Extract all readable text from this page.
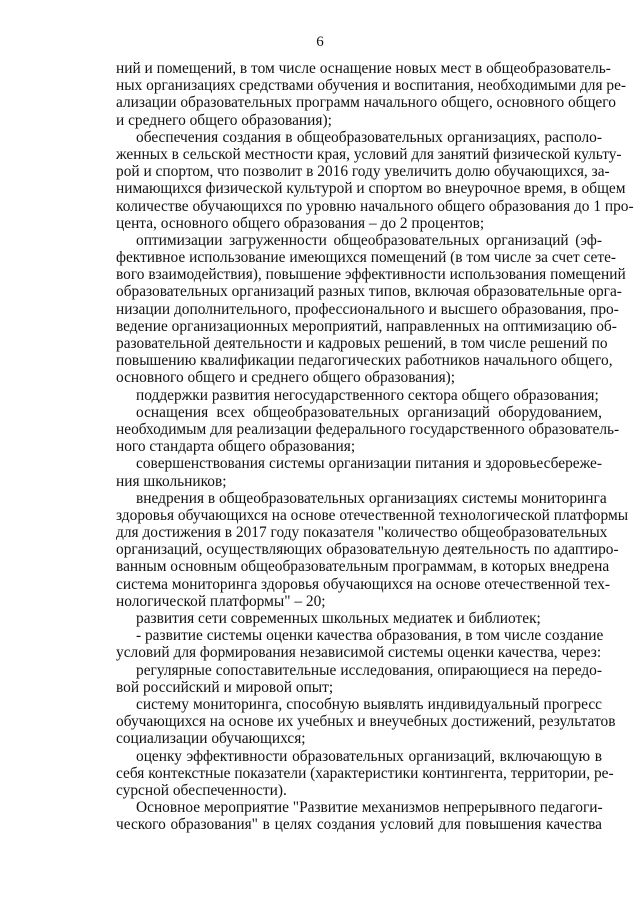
6
ний и помещений, в том числе оснащение новых мест в общеобразователь-
ных организациях средствами обучения и воспитания, необходимыми для ре-
ализации образовательных программ начального общего, основного общего
и среднего общего образования);
обеспечения создания в общеобразовательных организациях, располо-
женных в сельской местности края, условий для занятий физической культу-
рой и спортом, что позволит в 2016 году увеличить долю обучающихся, за-
нимающихся физической культурой и спортом во внеурочное время, в общем
количестве обучающихся по уровню начального общего образования до 1 про-
цента, основного общего образования – до 2 процентов;
оптимизации загруженности общеобразовательных организаций (эф-
фективное использование имеющихся помещений (в том числе за счет сете-
вого взаимодействия), повышение эффективности использования помещений
образовательных организаций разных типов, включая образовательные орга-
низации дополнительного, профессионального и высшего образования, про-
ведение организационных мероприятий, направленных на оптимизацию об-
разовательной деятельности и кадровых решений, в том числе решений по
повышению квалификации педагогических работников начального общего,
основного общего и среднего общего образования);
поддержки развития негосударственного сектора общего образования;
оснащения всех общеобразовательных организаций оборудованием,
необходимым для реализации федерального государственного образователь-
ного стандарта общего образования;
совершенствования системы организации питания и здоровьесбереже-
ния школьников;
внедрения в общеобразовательных организациях системы мониторинга
здоровья обучающихся на основе отечественной технологической платформы
для достижения в 2017 году показателя "количество общеобразовательных
организаций, осуществляющих образовательную деятельность по адаптиро-
ванным основным общеобразовательным программам, в которых внедрена
система мониторинга здоровья обучающихся на основе отечественной тех-
нологической платформы" – 20;
развития сети современных школьных медиатек и библиотек;
- развитие системы оценки качества образования, в том числе создание
условий для формирования независимой системы оценки качества, через:
регулярные сопоставительные исследования, опирающиеся на передо-
вой российский и мировой опыт;
систему мониторинга, способную выявлять индивидуальный прогресс
обучающихся на основе их учебных и внеучебных достижений, результатов
социализации обучающихся;
оценку эффективности образовательных организаций, включающую в
себя контекстные показатели (характеристики контингента, территории, ре-
сурсной обеспеченности).
Основное мероприятие "Развитие механизмов непрерывного педагоги-
ческого образования" в целях создания условий для повышения качества
